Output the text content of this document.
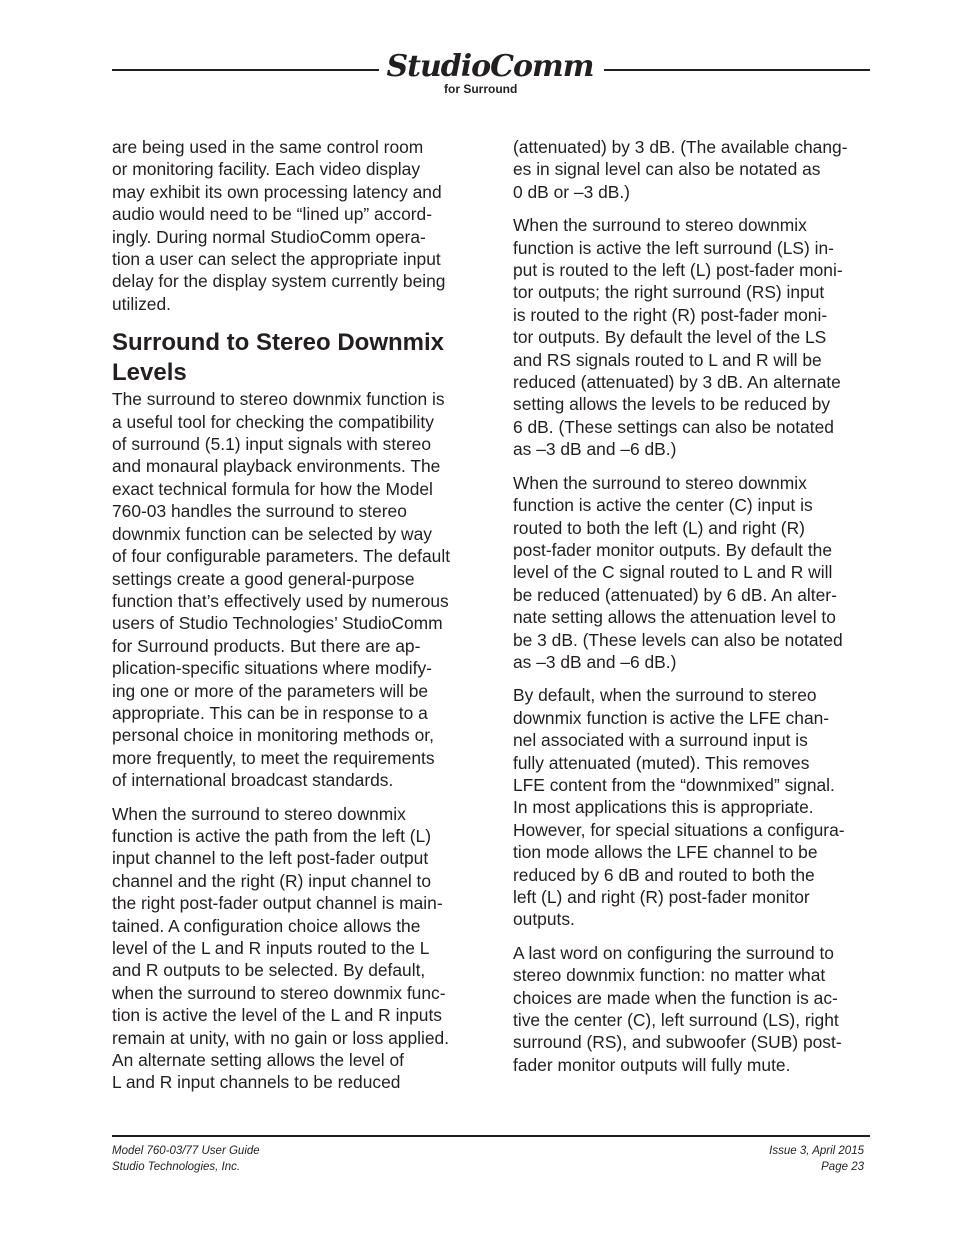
StudioComm
for Surround

are being used in the same control room
or monitoring facility. Each video display
may exhibit its own processing latency and
audio would need to be “lined up” accord-
ingly. During normal StudioComm opera-
tion a user can select the appropriate input
delay for the display system currently being
utilized.

Surround to Stereo Downmix
Levels

The surround to stereo downmix function is
a useful tool for checking the compatibility
of surround (5.1) input signals with stereo
and monaural playback environments. The
exact technical formula for how the Model
760-03 handles the surround to stereo
downmix function can be selected by way
of four configurable parameters. The default
settings create a good general-purpose
function that’s effectively used by numerous
users of Studio Technologies’ StudioComm
for Surround products. But there are ap-
plication-specific situations where modify-
ing one or more of the parameters will be
appropriate. This can be in response to a
personal choice in monitoring methods or,
more frequently, to meet the requirements
of international broadcast standards.

When the surround to stereo downmix
function is active the path from the left (L)
input channel to the left post-fader output
channel and the right (R) input channel to
the right post-fader output channel is main-
tained. A configuration choice allows the
level of the L and R inputs routed to the L
and R outputs to be selected. By default,
when the surround to stereo downmix func-
tion is active the level of the L and R inputs
remain at unity, with no gain or loss applied.
An alternate setting allows the level of
L and R input channels to be reduced

(attenuated) by 3 dB. (The available chang-
es in signal level can also be notated as
0 dB or –3 dB.)

When the surround to stereo downmix
function is active the left surround (LS) in-
put is routed to the left (L) post-fader moni-
tor outputs; the right surround (RS) input
is routed to the right (R) post-fader moni-
tor outputs. By default the level of the LS
and RS signals routed to L and R will be
reduced (attenuated) by 3 dB. An alternate
setting allows the levels to be reduced by
6 dB. (These settings can also be notated
as –3 dB and –6 dB.)

When the surround to stereo downmix
function is active the center (C) input is
routed to both the left (L) and right (R)
post-fader monitor outputs. By default the
level of the C signal routed to L and R will
be reduced (attenuated) by 6 dB. An alter-
nate setting allows the attenuation level to
be 3 dB. (These levels can also be notated
as –3 dB and –6 dB.)

By default, when the surround to stereo
downmix function is active the LFE chan-
nel associated with a surround input is
fully attenuated (muted). This removes
LFE content from the “downmixed” signal.
In most applications this is appropriate.
However, for special situations a configura-
tion mode allows the LFE channel to be
reduced by 6 dB and routed to both the
left (L) and right (R) post-fader monitor
outputs.

A last word on configuring the surround to
stereo downmix function: no matter what
choices are made when the function is ac-
tive the center (C), left surround (LS), right
surround (RS), and subwoofer (SUB) post-
fader monitor outputs will fully mute.

Model 760-03/77 User Guide
Studio Technologies, Inc.
Issue 3, April 2015
Page 23
